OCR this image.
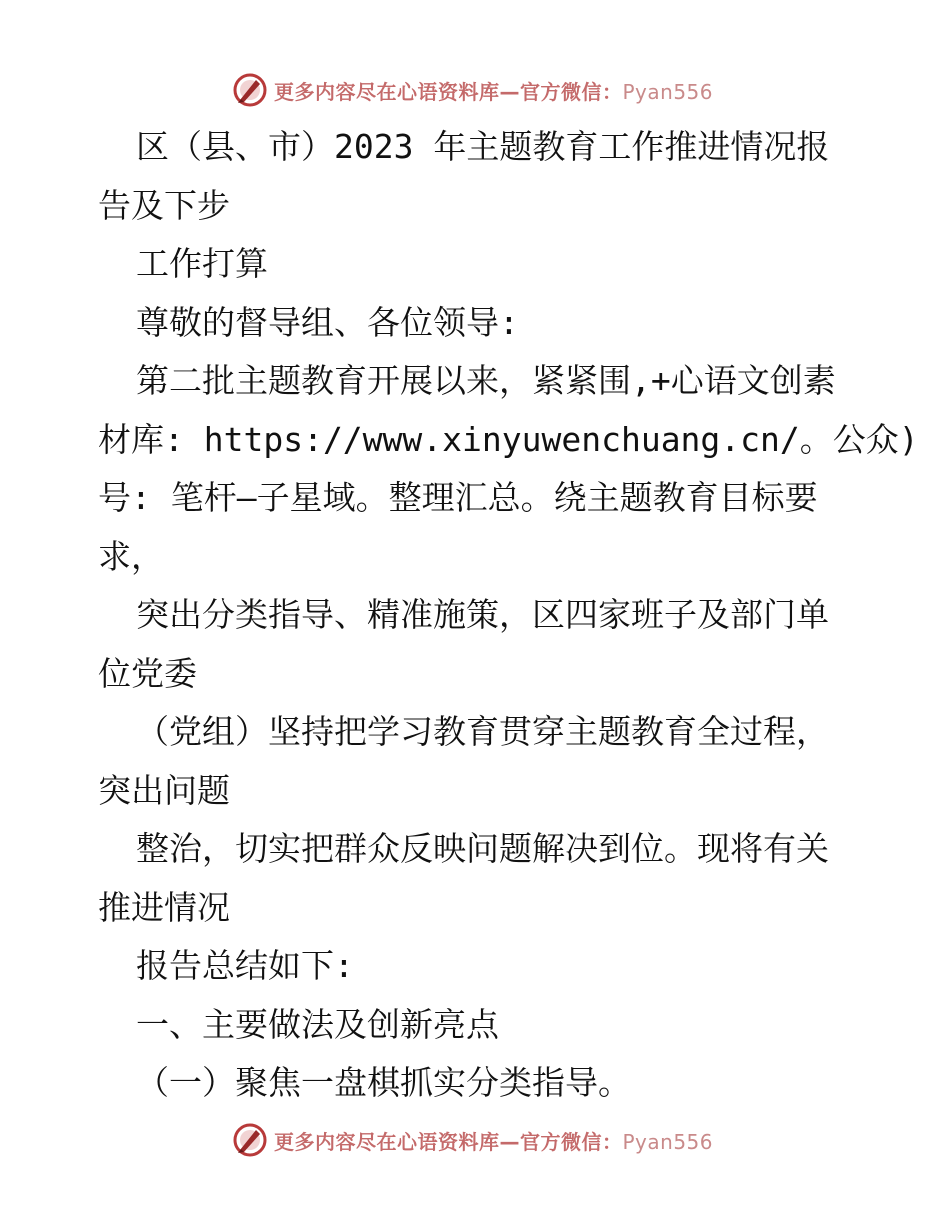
更多内容尽在心语资料库—官方微信：Pyan556
区（县、市）2023 年主题教育工作推进情况报
告及下步
工作打算
尊敬的督导组、各位领导:
第二批主题教育开展以来，紧紧围,+心语文创素
材库: https://www.xinyuwenchuang.cn/。公众)
号: 笔杆—子星域。整理汇总。绕主题教育目标要
求，
突出分类指导、精准施策，区四家班子及部门单
位党委
（党组）坚持把学习教育贯穿主题教育全过程，
突出问题
整治，切实把群众反映问题解决到位。现将有关
推进情况
报告总结如下:
一、主要做法及创新亮点
（一）聚焦一盘棋抓实分类指导。
更多内容尽在心语资料库—官方微信：Pyan556
